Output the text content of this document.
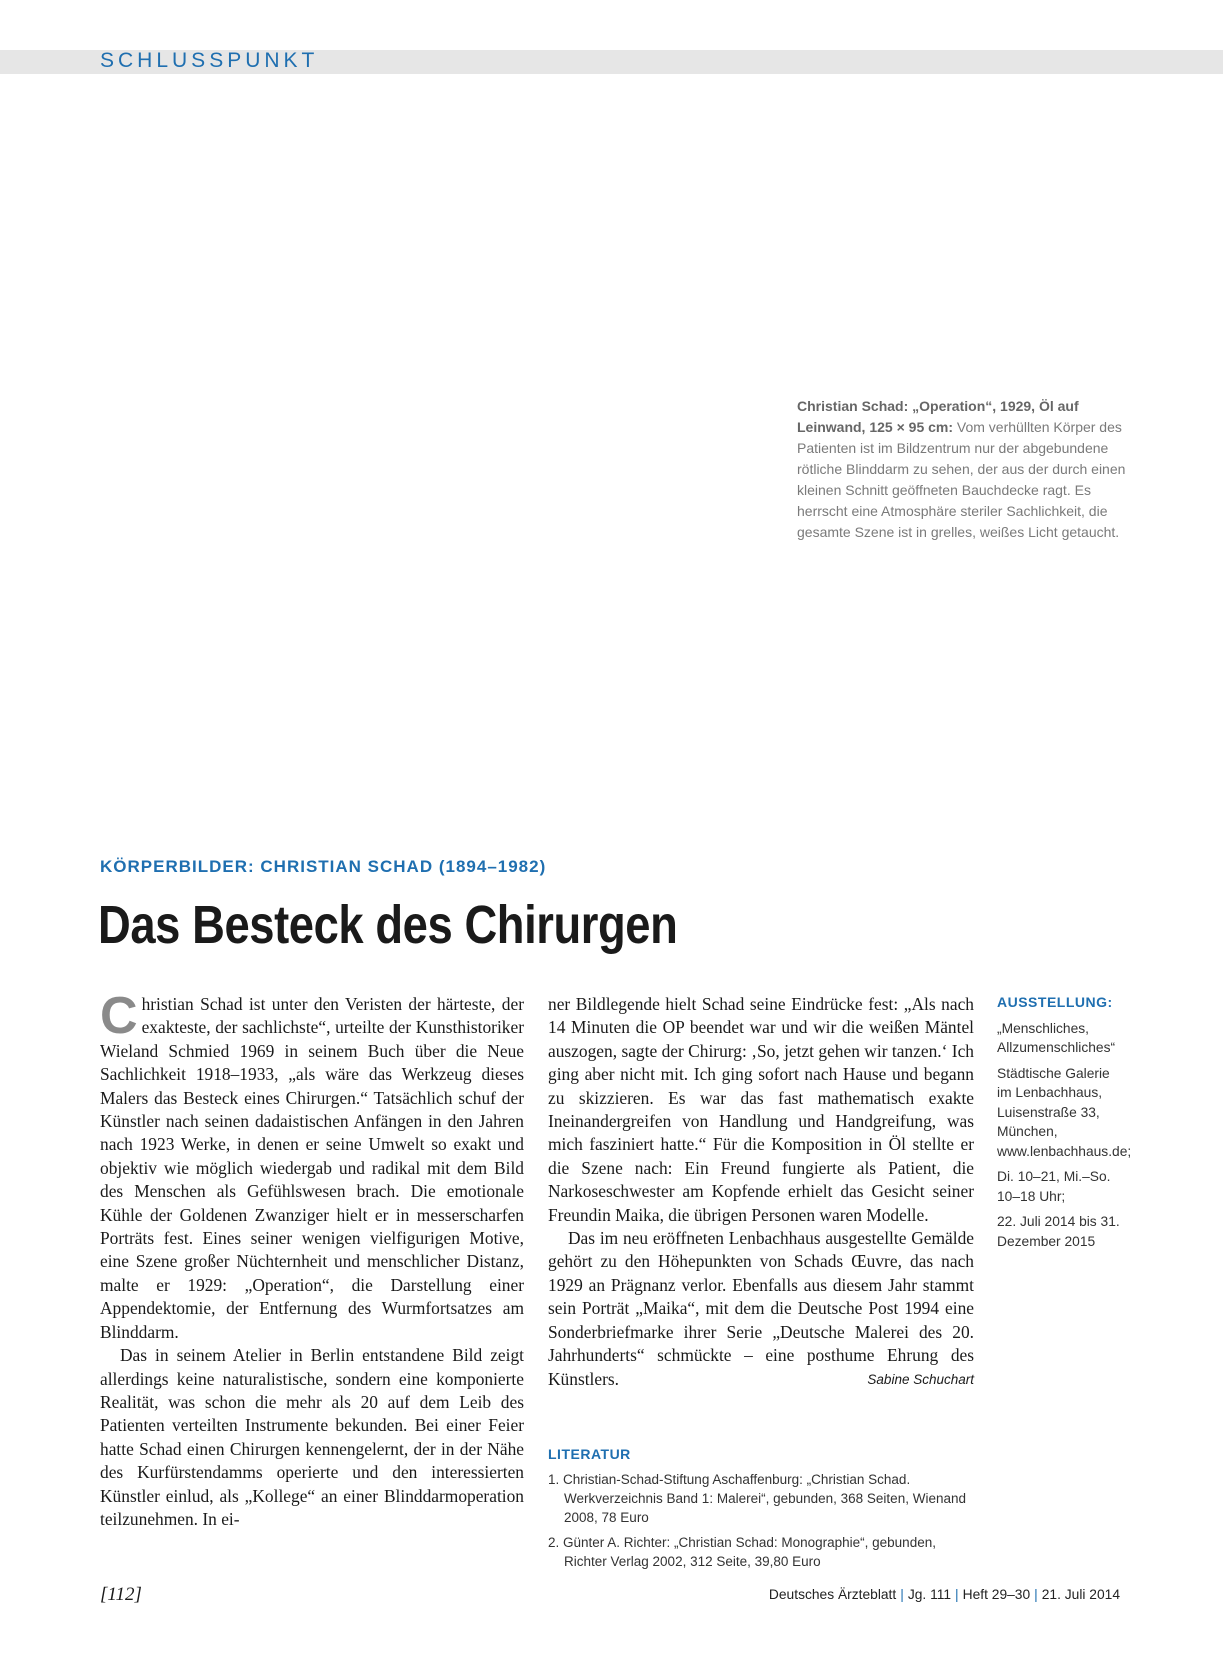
SCHLUSSPUNKT
Christian Schad: „Operation“, 1929, Öl auf Leinwand, 125 × 95 cm: Vom verhüllten Körper des Patienten ist im Bildzentrum nur der abgebundene rötliche Blinddarm zu sehen, der aus der durch einen kleinen Schnitt geöffneten Bauchdecke ragt. Es herrscht eine Atmosphäre steriler Sachlichkeit, die gesamte Szene ist in grelles, weißes Licht getaucht.
KÖRPERBILDER: CHRISTIAN SCHAD (1894–1982)
Das Besteck des Chirurgen

Christian Schad ist unter den Veristen der härteste, der exakteste, der sachlichste“, urteilte der Kunsthistoriker Wieland Schmied 1969 in seinem Buch über die Neue Sachlichkeit 1918–1933, „als wäre das Werkzeug dieses Malers das Besteck eines Chirurgen.“ Tatsächlich schuf der Künstler nach seinen dadaistischen Anfängen in den Jahren nach 1923 Werke, in denen er seine Umwelt so exakt und objektiv wie möglich wiedergab und radikal mit dem Bild des Menschen als Gefühlswesen brach. Die emotionale Kühle der Goldenen Zwanziger hielt er in messerscharfen Porträts fest. Eines seiner wenigen vielfigurigen Motive, eine Szene großer Nüchternheit und menschlicher Distanz, malte er 1929: „Operation“, die Darstellung einer Appendektomie, der Entfernung des Wurmfortsatzes am Blinddarm.

Das in seinem Atelier in Berlin entstandene Bild zeigt allerdings keine naturalistische, sondern eine komponierte Realität, was schon die mehr als 20 auf dem Leib des Patienten verteilten Instrumente bekunden. Bei einer Feier hatte Schad einen Chirurgen kennengelernt, der in der Nähe des Kurfürstendamms operierte und den interessierten Künstler einlud, als „Kollege“ an einer Blinddarmoperation teilzunehmen. In ei-

ner Bildlegende hielt Schad seine Eindrücke fest: „Als nach 14 Minuten die OP beendet war und wir die weißen Mäntel auszogen, sagte der Chirurg: ‚So, jetzt gehen wir tanzen.‘ Ich ging aber nicht mit. Ich ging sofort nach Hause und begann zu skizzieren. Es war das fast mathematisch exakte Ineinandergreifen von Handlung und Handgreifung, was mich fasziniert hatte.“ Für die Komposition in Öl stellte er die Szene nach: Ein Freund fungierte als Patient, die Narkoseschwester am Kopfende erhielt das Gesicht seiner Freundin Maika, die übrigen Personen waren Modelle.

Das im neu eröffneten Lenbachhaus ausgestellte Gemälde gehört zu den Höhepunkten von Schads Œuvre, das nach 1929 an Prägnanz verlor. Ebenfalls aus diesem Jahr stammt sein Porträt „Maika“, mit dem die Deutsche Post 1994 eine Sonderbriefmarke ihrer Serie „Deutsche Malerei des 20. Jahrhunderts“ schmückte – eine posthume Ehrung des Künstlers.	Sabine Schuchart

LITERATUR
1. Christian-Schad-Stiftung Aschaffenburg: „Christian Schad. Werkverzeichnis Band 1: Malerei“, gebunden, 368 Seiten, Wienand 2008, 78 Euro
2. Günter A. Richter: „Christian Schad: Monographie“, gebunden, Richter Verlag 2002, 312 Seite, 39,80 Euro
AUSSTELLUNG:
„Menschliches, Allzumenschliches“
Städtische Galerie im Lenbachhaus, Luisenstraße 33, München, www.lenbachhaus.de;
Di. 10–21, Mi.–So. 10–18 Uhr;
22. Juli 2014 bis 31. Dezember 2015
[112]	Deutsches Ärzteblatt | Jg. 111 | Heft 29–30 | 21. Juli 2014
